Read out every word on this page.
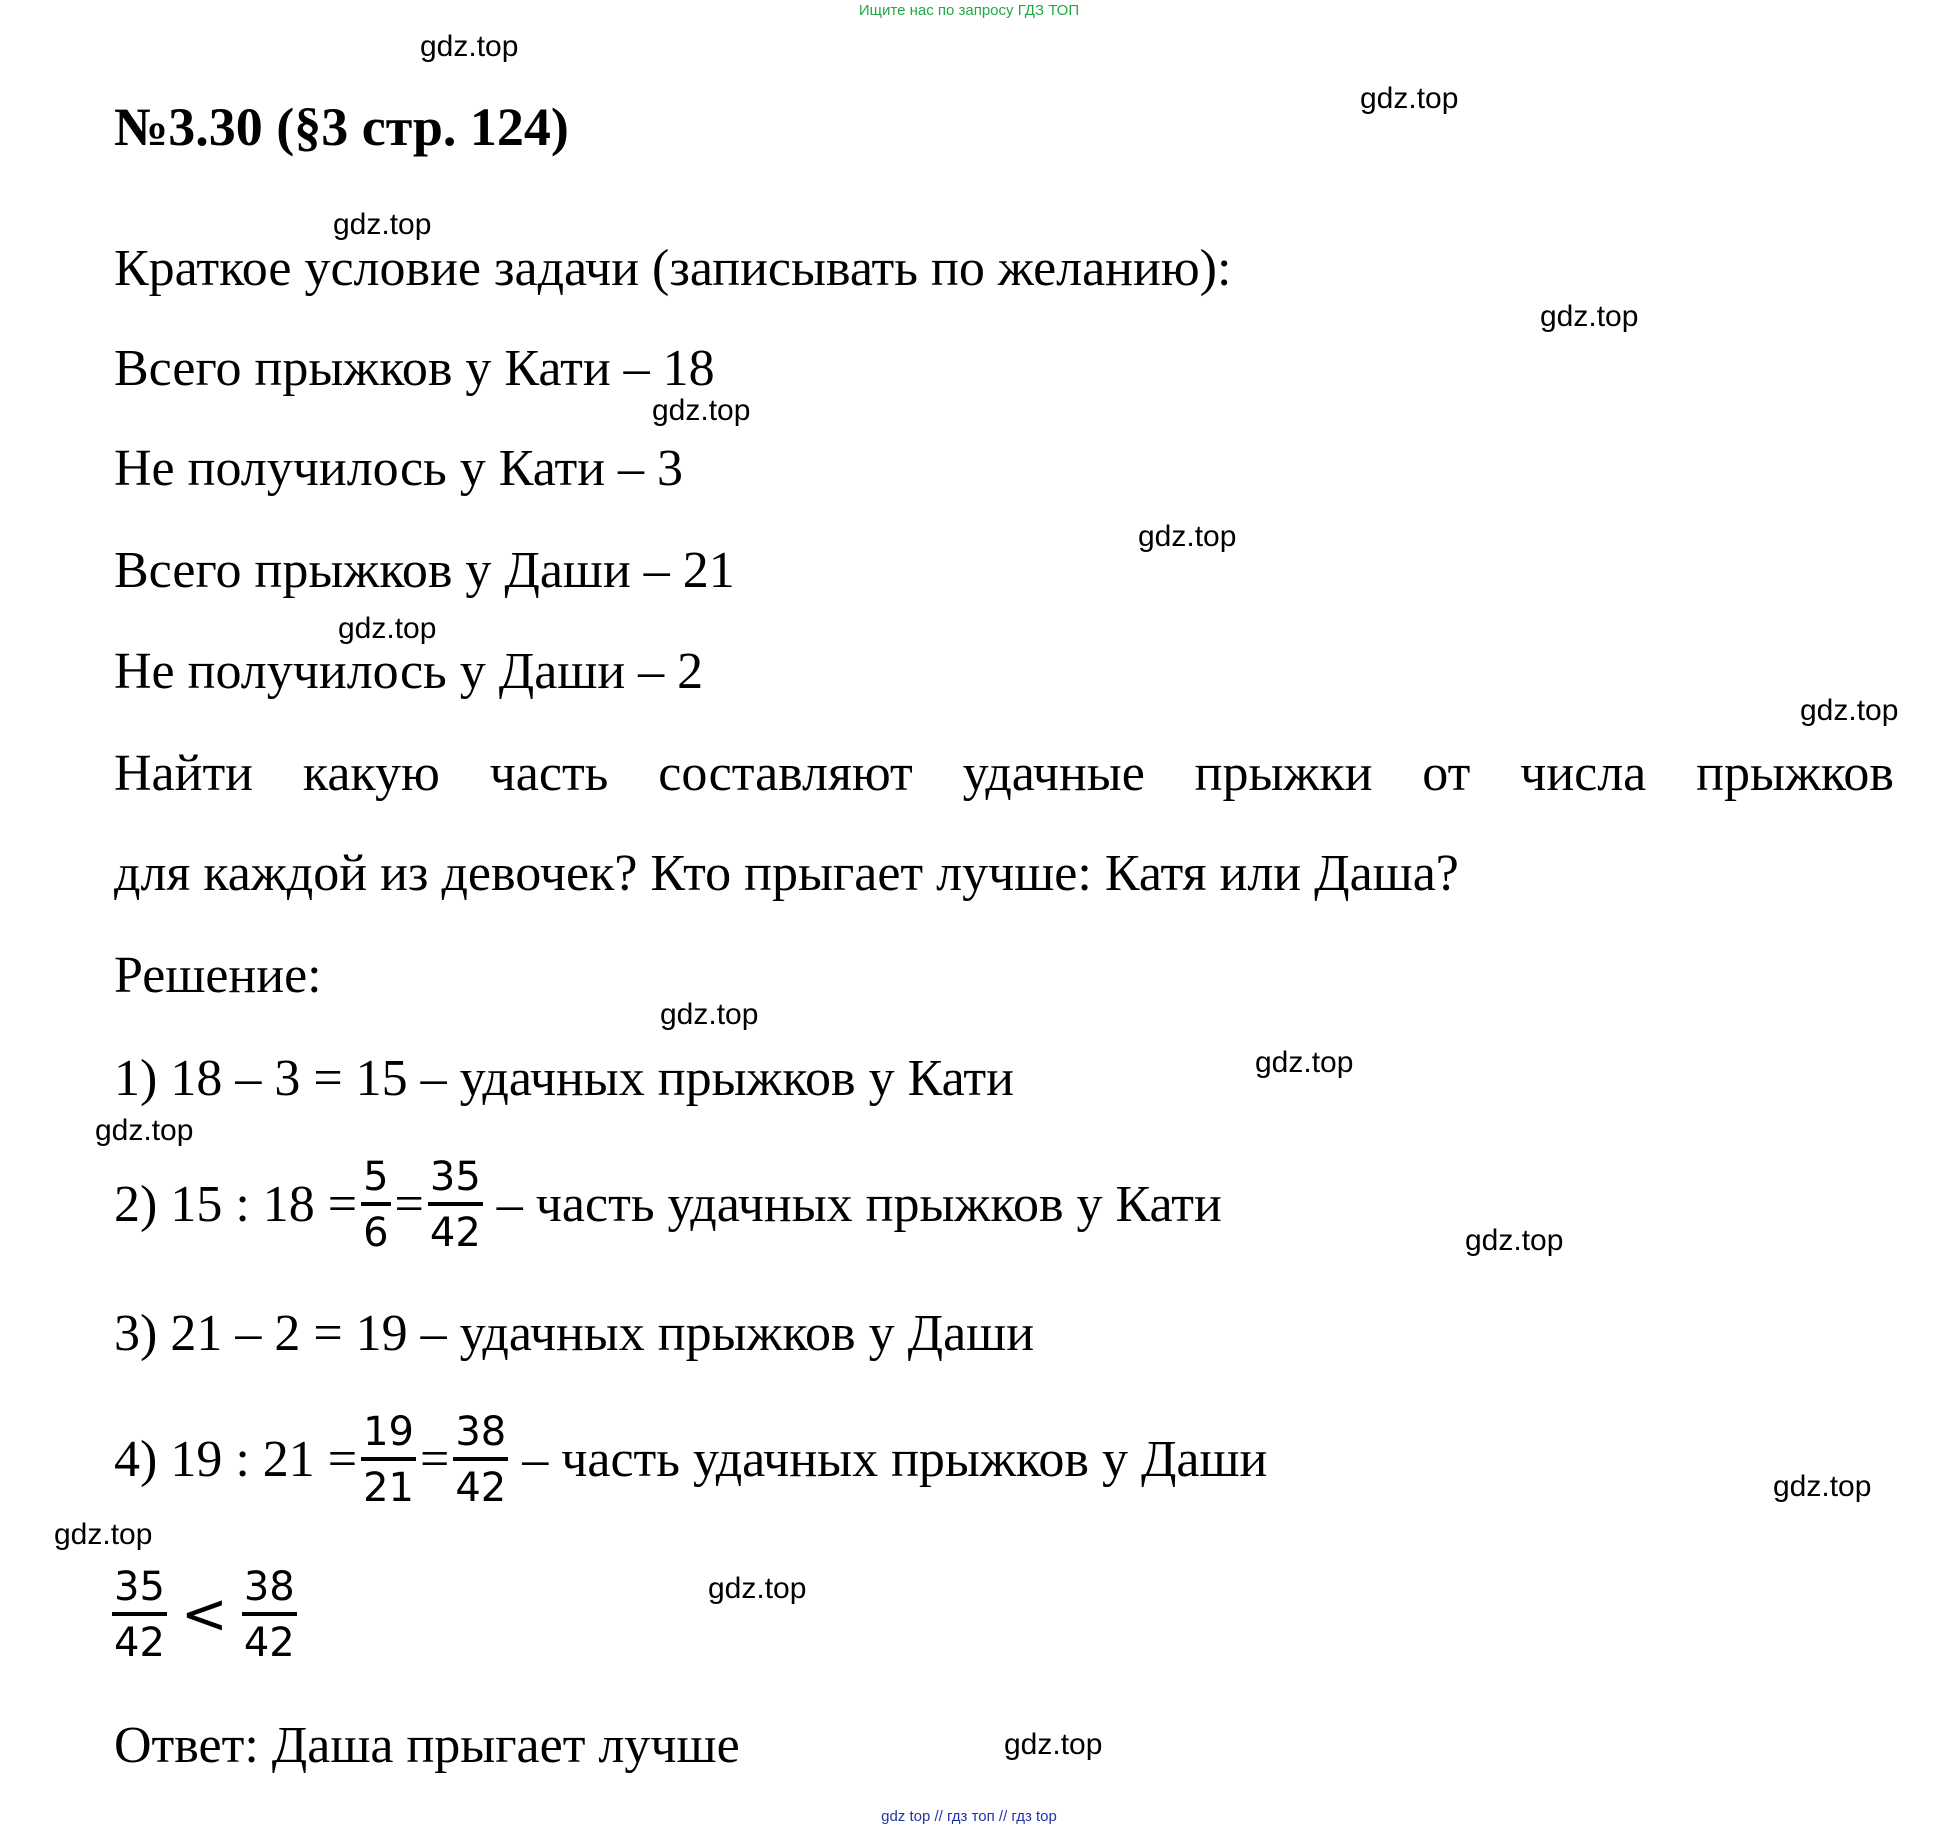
Ищите нас по запросу ГДЗ ТОП
№3.30 (§3 стр. 124)
Краткое условие задачи (записывать по желанию):
Всего прыжков у Кати – 18
Не получилось у Кати – 3
Всего прыжков у Даши – 21
Не получилось у Даши – 2
Найти какую часть составляют удачные прыжки от числа прыжков
для каждой из девочек? Кто прыгает лучше: Катя или Даша?
Решение:
1) 18 – 3 = 15 – удачных прыжков у Кати
2) 15 : $18 = \frac{5}{6} = \frac{35}{42}$ – часть удачных прыжков у Кати
3) 21 – 2 = 19 – удачных прыжков у Даши
4) 19 : $21 = \frac{19}{21} = \frac{38}{42}$ – часть удачных прыжков у Даши
$\frac{35}{42} < \frac{38}{42}$
Ответ: Даша прыгает лучше
gdz.top
gdz.top
gdz.top
gdz.top
gdz.top
gdz.top
gdz.top
gdz.top
gdz.top
gdz.top
gdz.top
gdz.top
gdz.top
gdz.top
gdz.top
gdz.top
gdz top // гдз топ // гдз top
